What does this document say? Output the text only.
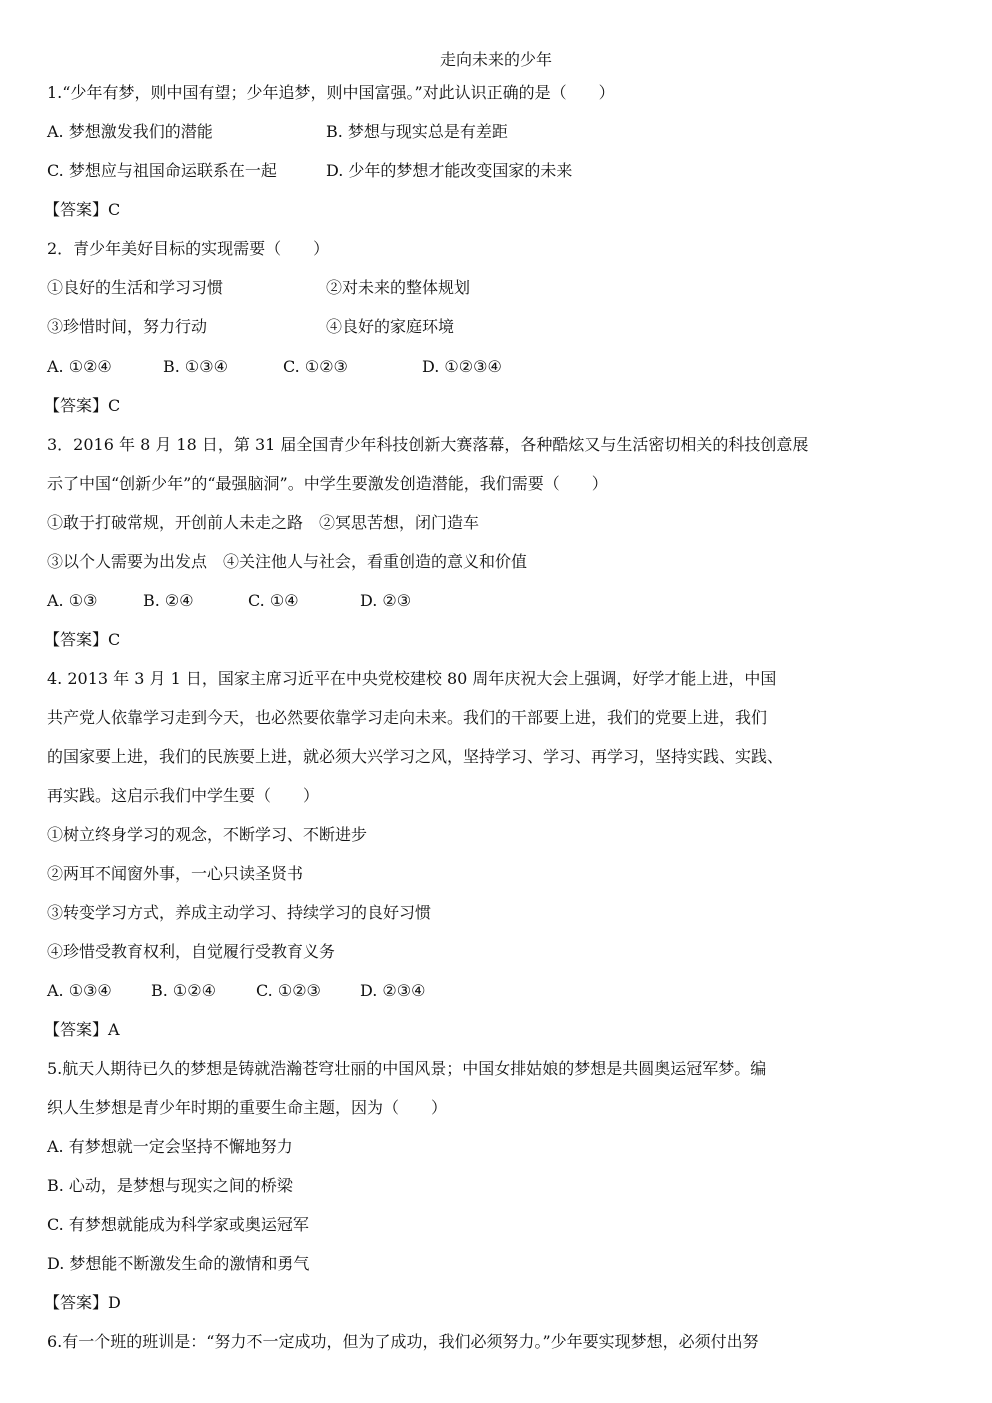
走向未来的少年
1.“少年有梦，则中国有望；少年追梦，则中国富强。”对此认识正确的是（　　）
A. 梦想激发我们的潜能	B. 梦想与现实总是有差距
C. 梦想应与祖国命运联系在一起	D. 少年的梦想才能改变国家的未来
【答案】C
2．青少年美好目标的实现需要（　　）
①良好的生活和学习习惯	②对未来的整体规划
③珍惜时间，努力行动	④良好的家庭环境
A. ①②④	B. ①③④	C. ①②③	D. ①②③④
【答案】C
3．2016 年 8 月 18 日，第 31 届全国青少年科技创新大赛落幕，各种酷炫又与生活密切相关的科技创意展
示了中国“创新少年”的“最强脑洞”。中学生要激发创造潜能，我们需要（　　）
①敢于打破常规，开创前人未走之路　②冥思苦想，闭门造车
③以个人需要为出发点　④关注他人与社会，看重创造的意义和价值
A. ①③	B. ②④	C. ①④	D. ②③
【答案】C
4. 2013 年 3 月 1 日，国家主席习近平在中央党校建校 80 周年庆祝大会上强调，好学才能上进，中国
共产党人依靠学习走到今天，也必然要依靠学习走向未来。我们的干部要上进，我们的党要上进，我们
的国家要上进，我们的民族要上进，就必须大兴学习之风，坚持学习、学习、再学习，坚持实践、实践、
再实践。这启示我们中学生要（　　）
①树立终身学习的观念，不断学习、不断进步
②两耳不闻窗外事，一心只读圣贤书
③转变学习方式，养成主动学习、持续学习的良好习惯
④珍惜受教育权利，自觉履行受教育义务
A. ①③④	B. ①②④	C. ①②③ D. ②③④
【答案】A
5.航天人期待已久的梦想是铸就浩瀚苍穹壮丽的中国风景；中国女排姑娘的梦想是共圆奥运冠军梦。编
织人生梦想是青少年时期的重要生命主题，因为（　　）
A. 有梦想就一定会坚持不懈地努力
B. 心动，是梦想与现实之间的桥梁
C. 有梦想就能成为科学家或奥运冠军
D. 梦想能不断激发生命的激情和勇气
【答案】D
6.有一个班的班训是：“努力不一定成功，但为了成功，我们必须努力。”少年要实现梦想，必须付出努
